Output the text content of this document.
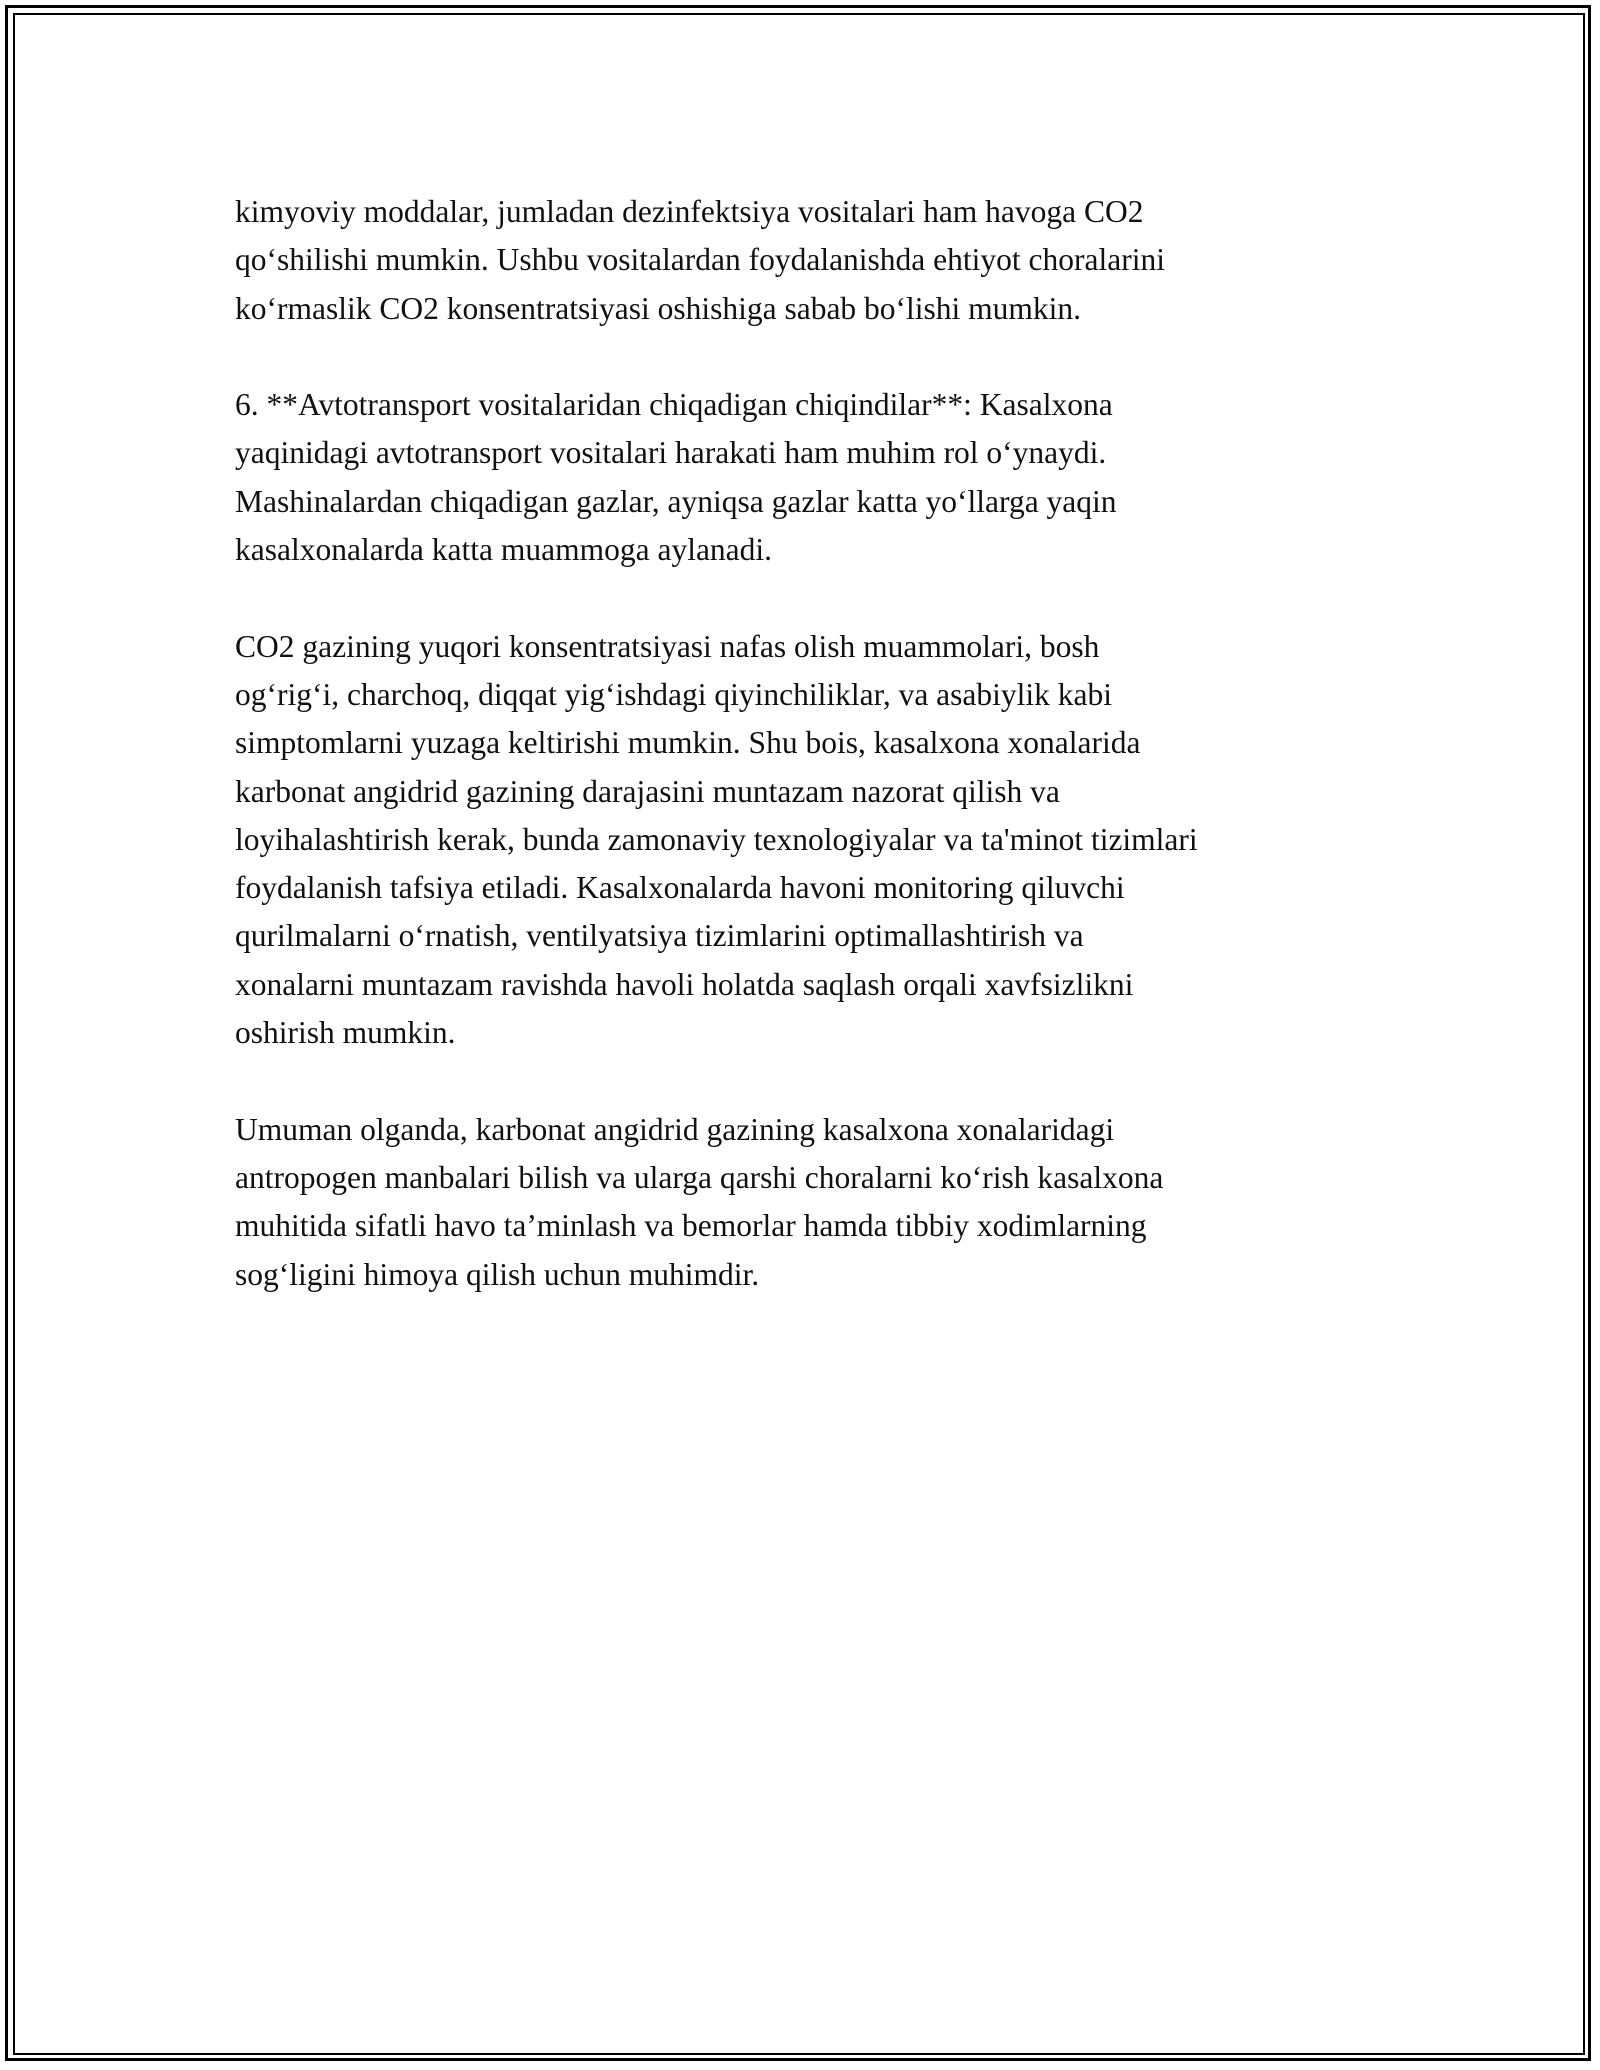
kimyoviy moddalar, jumladan dezinfektsiya vositalari ham havoga CO2
qo‘shilishi mumkin. Ushbu vositalardan foydalanishda ehtiyot choralarini
ko‘rmaslik CO2 konsentratsiyasi oshishiga sabab bo‘lishi mumkin.

6. **Avtotransport vositalaridan chiqadigan chiqindilar**: Kasalxona
yaqinidagi avtotransport vositalari harakati ham muhim rol o‘ynaydi.
Mashinalardan chiqadigan gazlar, ayniqsa gazlar katta yo‘llarga yaqin
kasalxonalarda katta muammoga aylanadi.

CO2 gazining yuqori konsentratsiyasi nafas olish muammolari, bosh
og‘rig‘i, charchoq, diqqat yig‘ishdagi qiyinchiliklar, va asabiylik kabi
simptomlarni yuzaga keltirishi mumkin. Shu bois, kasalxona xonalarida
karbonat angidrid gazining darajasini muntazam nazorat qilish va
loyihalashtirish kerak, bunda zamonaviy texnologiyalar va ta'minot tizimlari
foydalanish tafsiya etiladi. Kasalxonalarda havoni monitoring qiluvchi
qurilmalarni o‘rnatish, ventilyatsiya tizimlarini optimallashtirish va
xonalarni muntazam ravishda havoli holatda saqlash orqali xavfsizlikni
oshirish mumkin.

Umuman olganda, karbonat angidrid gazining kasalxona xonalaridagi
antropogen manbalari bilish va ularga qarshi choralarni ko‘rish kasalxona
muhitida sifatli havo ta’minlash va bemorlar hamda tibbiy xodimlarning
sog‘ligini himoya qilish uchun muhimdir.
